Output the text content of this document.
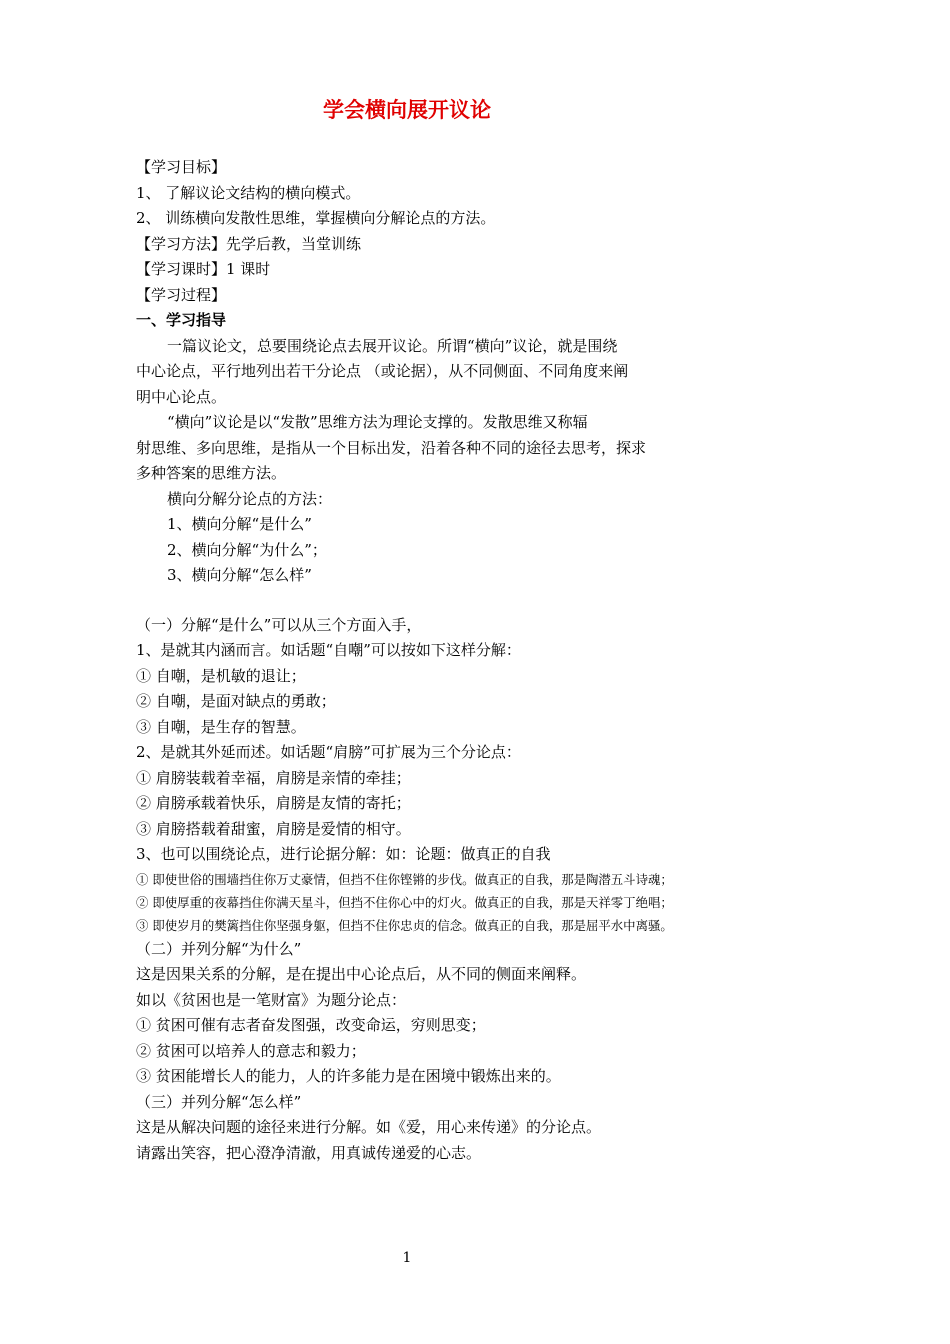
学会横向展开议论
【学习目标】
1、 了解议论文结构的横向模式。
2、 训练横向发散性思维，掌握横向分解论点的方法。
【学习方法】先学后教，当堂训练
【学习课时】1 课时
【学习过程】
一、学习指导
一篇议论文，总要围绕论点去展开议论。所谓“横向”议论，就是围绕
中心论点，平行地列出若干分论点 （或论据），从不同侧面、不同角度来阐
明中心论点。
“横向”议论是以“发散”思维方法为理论支撑的。发散思维又称辐
射思维、多向思维，是指从一个目标出发，沿着各种不同的途径去思考，探求
多种答案的思维方法。
横向分解分论点的方法：
1、横向分解“是什么”
2、横向分解“为什么”；
3、横向分解“怎么样”
（一）分解“是什么”可以从三个方面入手，
1、是就其内涵而言。如话题“自嘲”可以按如下这样分解：
① 自嘲，是机敏的退让；
② 自嘲，是面对缺点的勇敢；
③ 自嘲，是生存的智慧。
2、是就其外延而述。如话题“肩膀”可扩展为三个分论点：
① 肩膀装载着幸福，肩膀是亲情的牵挂；
② 肩膀承载着快乐，肩膀是友情的寄托；
③ 肩膀搭载着甜蜜，肩膀是爱情的相守。
3、也可以围绕论点，进行论据分解：如：论题：做真正的自我
① 即使世俗的围墙挡住你万丈豪情，但挡不住你铿锵的步伐。做真正的自我，那是陶潜五斗诗魂；
② 即使厚重的夜幕挡住你满天星斗，但挡不住你心中的灯火。做真正的自我，那是天祥零丁绝唱；
③ 即使岁月的樊篱挡住你坚强身躯，但挡不住你忠贞的信念。做真正的自我，那是屈平水中离骚。
（二）并列分解“为什么”
这是因果关系的分解，是在提出中心论点后，从不同的侧面来阐释。
如以《贫困也是一笔财富》为题分论点：
① 贫困可催有志者奋发图强，改变命运，穷则思变；
② 贫困可以培养人的意志和毅力；
③ 贫困能增长人的能力，人的许多能力是在困境中锻炼出来的。
（三）并列分解“怎么样”
这是从解决问题的途径来进行分解。如《爱，用心来传递》的分论点。
请露出笑容，把心澄净清澈，用真诚传递爱的心志。
1
